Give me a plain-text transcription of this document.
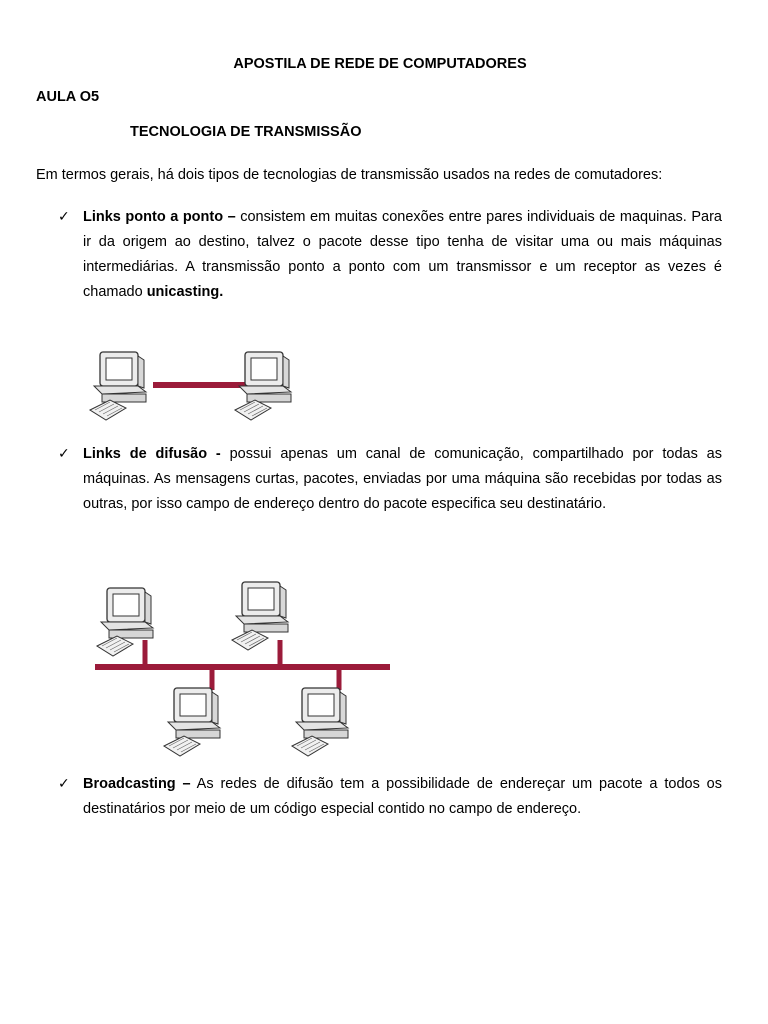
APOSTILA DE REDE DE COMPUTADORES
AULA O5
TECNOLOGIA DE TRANSMISSÃO
Em termos gerais, há dois tipos de tecnologias de transmissão usados na redes de comutadores:
✓ Links ponto a ponto – consistem em muitas conexões entre pares individuais de maquinas. Para ir da origem ao destino, talvez o pacote desse tipo tenha de visitar uma ou mais máquinas intermediárias. A transmissão ponto a ponto com um transmissor e um receptor as vezes é chamado unicasting.
✓ Links de difusão - possui apenas um canal de comunicação, compartilhado por todas as máquinas. As mensagens curtas, pacotes, enviadas por uma máquina são recebidas por todas as outras, por isso campo de endereço dentro do pacote especifica seu destinatário.
✓ Broadcasting – As redes de difusão tem a possibilidade de endereçar um pacote a todos os destinatários por meio de um código especial contido no campo de endereço.
